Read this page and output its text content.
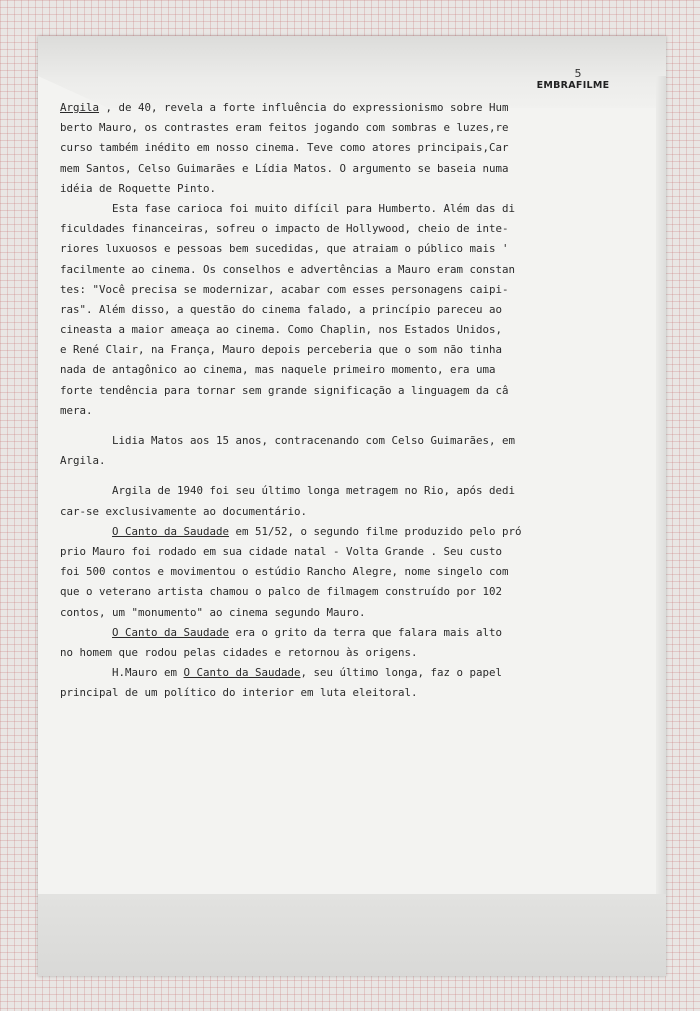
5
EMBRAFILME
Argila , de 40, revela a forte influência do expressionismo sobre Hum
berto Mauro, os contrastes eram feitos jogando com sombras e luzes,re
curso também inédito em nosso cinema. Teve como atores principais,Car
mem Santos, Celso Guimarães e Lídia Matos. O argumento se baseia numa
idéia de Roquette Pinto.
Esta fase carioca foi muito difícil para Humberto. Além das di
ficuldades financeiras, sofreu o impacto de Hollywood, cheio de inte-
riores luxuosos e pessoas bem sucedidas, que atraiam o público mais '
facilmente ao cinema. Os conselhos e advertências a Mauro eram constan
tes: "Você precisa se modernizar, acabar com esses personagens caipi-
ras". Além disso, a questão do cinema falado, a princípio pareceu ao
cineasta a maior ameaça ao cinema. Como Chaplin, nos Estados Unidos,
e René Clair, na França, Mauro depois perceberia que o som não tinha
nada de antagônico ao cinema, mas naquele primeiro momento, era uma
forte tendência para tornar sem grande significação a linguagem da câ
mera.
Lidia Matos aos 15 anos, contracenando com Celso Guimarães, em
Argila.
Argila de 1940 foi seu último longa metragem no Rio, após dedi
car-se exclusivamente ao documentário.
O Canto da Saudade em 51/52, o segundo filme produzido pelo pró
prio Mauro foi rodado em sua cidade natal - Volta Grande . Seu custo
foi 500 contos e movimentou o estúdio Rancho Alegre, nome singelo com
que o veterano artista chamou o palco de filmagem construído por 102
contos, um "monumento" ao cinema segundo Mauro.
O Canto da Saudade era o grito da terra que falara mais alto
no homem que rodou pelas cidades e retornou às origens.
H.Mauro em O Canto da Saudade, seu último longa, faz o papel
principal de um político do interior em luta eleitoral.
